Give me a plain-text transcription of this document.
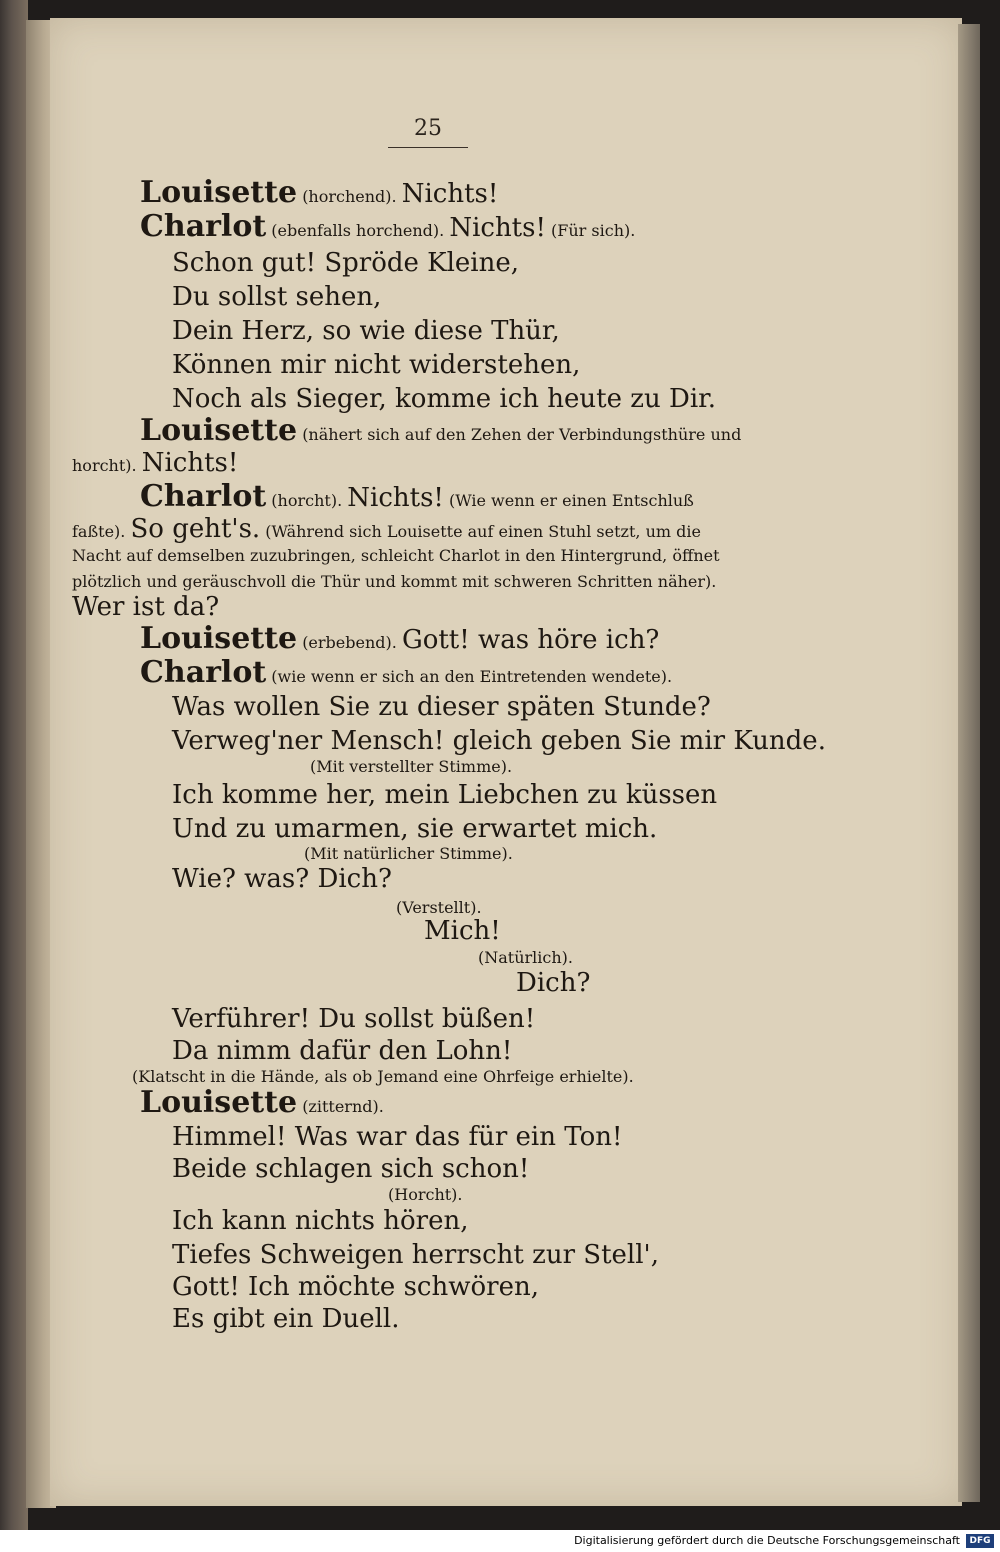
25
Louisette (horchend). Nichts!
Charlot (ebenfalls horchend). Nichts! (Für sich).
Schon gut! Spröde Kleine,
Du sollst sehen,
Dein Herz, so wie diese Thür,
Können mir nicht widerstehen,
Noch als Sieger, komme ich heute zu Dir.
Louisette (nähert sich auf den Zehen der Verbindungsthüre und
horcht). Nichts!
Charlot (horcht). Nichts! (Wie wenn er einen Entschluß
faßte). So geht's. (Während sich Louisette auf einen Stuhl setzt, um die
Nacht auf demselben zuzubringen, schleicht Charlot in den Hintergrund, öffnet
plötzlich und geräuschvoll die Thür und kommt mit schweren Schritten näher).
Wer ist da?
Louisette (erbebend). Gott! was höre ich?
Charlot (wie wenn er sich an den Eintretenden wendete).
Was wollen Sie zu dieser späten Stunde?
Verweg'ner Mensch! gleich geben Sie mir Kunde.
(Mit verstellter Stimme).
Ich komme her, mein Liebchen zu küssen
Und zu umarmen, sie erwartet mich.
(Mit natürlicher Stimme).
Wie? was? Dich?
(Verstellt).
Mich!
(Natürlich).
Dich?
Verführer! Du sollst büßen!
Da nimm dafür den Lohn!
(Klatscht in die Hände, als ob Jemand eine Ohrfeige erhielte).
Louisette (zitternd).
Himmel! Was war das für ein Ton!
Beide schlagen sich schon!
(Horcht).
Ich kann nichts hören,
Tiefes Schweigen herrscht zur Stell',
Gott! Ich möchte schwören,
Es gibt ein Duell.
Digitalisierung gefördert durch die Deutsche Forschungsgemeinschaft	DFG
